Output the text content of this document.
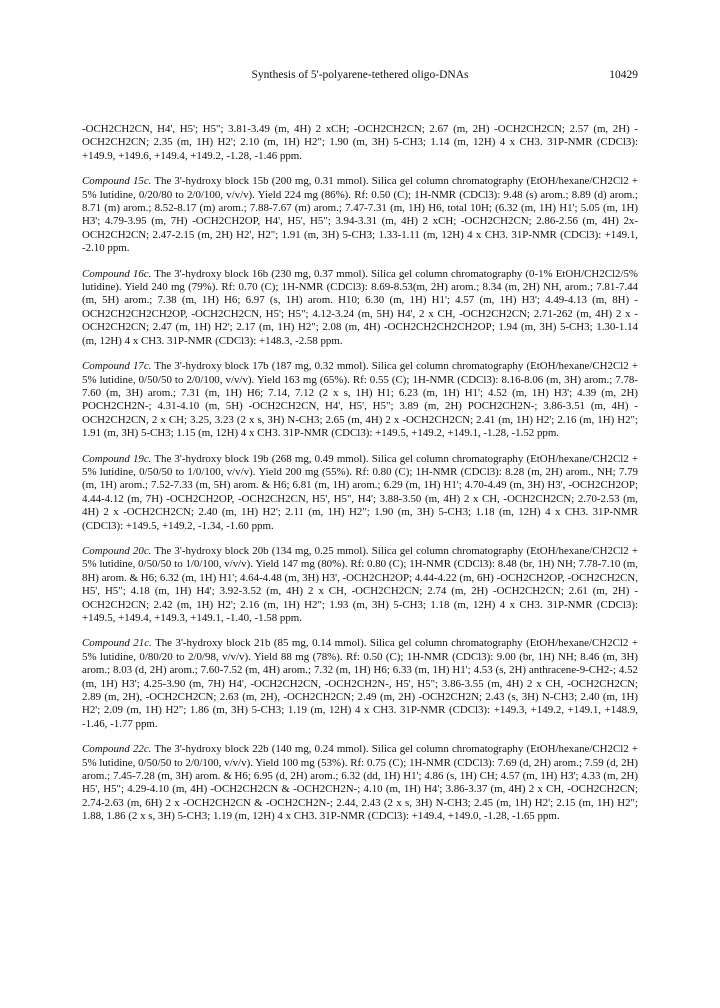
Synthesis of 5'-polyarene-tethered oligo-DNAs	10429

-OCH2CH2CN, H4', H5'; H5"; 3.81-3.49 (m, 4H) 2 xCH; -OCH2CH2CN; 2.67 (m, 2H) -OCH2CH2CN; 2.57 (m, 2H) -OCH2CH2CN; 2.35 (m, 1H) H2'; 2.10 (m, 1H) H2"; 1.90 (m, 3H) 5-CH3; 1.14 (m, 12H) 4 x CH3. 31P-NMR (CDCl3): +149.9, +149.6, +149.4, +149.2, -1.28, -1.46 ppm.

Compound 15c. The 3'-hydroxy block 15b (200 mg, 0.31 mmol). Silica gel column chromatography (EtOH/hexane/CH2Cl2 + 5% lutidine, 0/20/80 to 2/0/100, v/v/v). Yield 224 mg (86%). Rf: 0.50 (C); 1H-NMR (CDCl3): 9.48 (s) arom.; 8.89 (d) arom.; 8.71 (m) arom.; 8.52-8.17 (m) arom.; 7.88-7.67 (m) arom.; 7.47-7.31 (m, 1H) H6, total 10H; (6.32 (m, 1H) H1'; 5.05 (m, 1H) H3'; 4.79-3.95 (m, 7H) -OCH2CH2OP, H4', H5', H5"; 3.94-3.31 (m, 4H) 2 xCH; -OCH2CH2CN; 2.86-2.56 (m, 4H) 2x-OCH2CH2CN; 2.47-2.15 (m, 2H) H2', H2"; 1.91 (m, 3H) 5-CH3; 1.33-1.11 (m, 12H) 4 x CH3. 31P-NMR (CDCl3): +149.1, -2.10 ppm.

Compound 16c. The 3'-hydroxy block 16b (230 mg, 0.37 mmol). Silica gel column chromatography (0-1% EtOH/CH2Cl2/5% lutidine). Yield 240 mg (79%). Rf: 0.70 (C); 1H-NMR (CDCl3): 8.69-8.53(m, 2H) arom.; 8.34 (m, 2H) NH, arom.; 7.81-7.44 (m, 5H) arom.; 7.38 (m, 1H) H6; 6.97 (s, 1H) arom. H10; 6.30 (m, 1H) H1'; 4.57 (m, 1H) H3'; 4.49-4.13 (m, 8H) -OCH2CH2CH2CH2OP, -OCH2CH2CN, H5'; H5"; 4.12-3.24 (m, 5H) H4', 2 x CH, -OCH2CH2CN; 2.71-262 (m, 4H) 2 x -OCH2CH2CN; 2.47 (m, 1H) H2'; 2.17 (m, 1H) H2"; 2.08 (m, 4H) -OCH2CH2CH2CH2OP; 1.94 (m, 3H) 5-CH3; 1.30-1.14 (m, 12H) 4 x CH3. 31P-NMR (CDCl3): +148.3, -2.58 ppm.

Compound 17c. The 3'-hydroxy block 17b (187 mg, 0.32 mmol). Silica gel column chromatography (EtOH/hexane/CH2Cl2 + 5% lutidine, 0/50/50 to 2/0/100, v/v/v). Yield 163 mg (65%). Rf: 0.55 (C); 1H-NMR (CDCl3): 8.16-8.06 (m, 3H) arom.; 7.78-7.60 (m, 3H) arom.; 7.31 (m, 1H) H6; 7.14, 7.12 (2 x s, 1H) H1; 6.23 (m, 1H) H1'; 4.52 (m, 1H) H3'; 4.39 (m, 2H) POCH2CH2N-; 4.31-4.10 (m, 5H) -OCH2CH2CN, H4', H5', H5"; 3.89 (m, 2H) POCH2CH2N-; 3.86-3.51 (m, 4H) -OCH2CH2CN, 2 x CH; 3.25, 3.23 (2 x s, 3H) N-CH3; 2.65 (m, 4H) 2 x -OCH2CH2CN; 2.41 (m, 1H) H2'; 2.16 (m, 1H) H2"; 1.91 (m, 3H) 5-CH3; 1.15 (m, 12H) 4 x CH3. 31P-NMR (CDCl3): +149.5, +149.2, +149.1, -1.28, -1.52 ppm.

Compound 19c. The 3'-hydroxy block 19b (268 mg, 0.49 mmol). Silica gel column chromatography (EtOH/hexane/CH2Cl2 + 5% lutidine, 0/50/50 to 1/0/100, v/v/v). Yield 200 mg (55%). Rf: 0.80 (C); 1H-NMR (CDCl3): 8.28 (m, 2H) arom., NH; 7.79 (m, 1H) arom.; 7.52-7.33 (m, 5H) arom. & H6; 6.81 (m, 1H) arom.; 6.29 (m, 1H) H1'; 4.70-4.49 (m, 3H) H3', -OCH2CH2OP; 4.44-4.12 (m, 7H) -OCH2CH2OP, -OCH2CH2CN, H5', H5", H4'; 3.88-3.50 (m, 4H) 2 x CH, -OCH2CH2CN; 2.70-2.53 (m, 4H) 2 x -OCH2CH2CN; 2.40 (m, 1H) H2'; 2.11 (m, 1H) H2"; 1.90 (m, 3H) 5-CH3; 1.18 (m, 12H) 4 x CH3. 31P-NMR (CDCl3): +149.5, +149.2, -1.34, -1.60 ppm.

Compound 20c. The 3'-hydroxy block 20b (134 mg, 0.25 mmol). Silica gel column chromatography (EtOH/hexane/CH2Cl2 + 5% lutidine, 0/50/50 to 1/0/100, v/v/v). Yield 147 mg (80%). Rf: 0.80 (C); 1H-NMR (CDCl3): 8.48 (br, 1H) NH; 7.78-7.10 (m, 8H) arom. & H6; 6.32 (m, 1H) H1'; 4.64-4.48 (m, 3H) H3', -OCH2CH2OP; 4.44-4.22 (m, 6H) -OCH2CH2OP, -OCH2CH2CN, H5', H5"; 4.18 (m, 1H) H4'; 3.92-3.52 (m, 4H) 2 x CH, -OCH2CH2CN; 2.74 (m, 2H) -OCH2CH2CN; 2.61 (m, 2H) -OCH2CH2CN; 2.42 (m, 1H) H2'; 2.16 (m, 1H) H2"; 1.93 (m, 3H) 5-CH3; 1.18 (m, 12H) 4 x CH3. 31P-NMR (CDCl3): +149.5, +149.4, +149.3, +149.1, -1.40, -1.58 ppm.

Compound 21c. The 3'-hydroxy block 21b (85 mg, 0.14 mmol). Silica gel column chromatography (EtOH/hexane/CH2Cl2 + 5% lutidine, 0/80/20 to 2/0/98, v/v/v). Yield 88 mg (78%). Rf: 0.50 (C); 1H-NMR (CDCl3): 9.00 (br, 1H) NH; 8.46 (m, 3H) arom.; 8.03 (d, 2H) arom.; 7.60-7.52 (m, 4H) arom.; 7.32 (m, 1H) H6; 6.33 (m, 1H) H1'; 4.53 (s, 2H) anthracene-9-CH2-; 4.52 (m, 1H) H3'; 4.25-3.90 (m, 7H) H4', -OCH2CH2CN, -OCH2CH2N-, H5', H5"; 3.86-3.55 (m, 4H) 2 x CH, -OCH2CH2CN; 2.89 (m, 2H), -OCH2CH2CN; 2.63 (m, 2H), -OCH2CH2CN; 2.49 (m, 2H) -OCH2CH2N; 2.43 (s, 3H) N-CH3; 2.40 (m, 1H) H2'; 2.09 (m, 1H) H2"; 1.86 (m, 3H) 5-CH3; 1.19 (m, 12H) 4 x CH3. 31P-NMR (CDCl3): +149.3, +149.2, +149.1, +148.9, -1.46, -1.77 ppm.

Compound 22c. The 3'-hydroxy block 22b (140 mg, 0.24 mmol). Silica gel column chromatography (EtOH/hexane/CH2Cl2 + 5% lutidine, 0/50/50 to 2/0/100, v/v/v). Yield 100 mg (53%). Rf: 0.75 (C); 1H-NMR (CDCl3): 7.69 (d, 2H) arom.; 7.59 (d, 2H) arom.; 7.45-7.28 (m, 3H) arom. & H6; 6.95 (d, 2H) arom.; 6.32 (dd, 1H) H1'; 4.86 (s, 1H) CH; 4.57 (m, 1H) H3'; 4.33 (m, 2H) H5', H5"; 4.29-4.10 (m, 4H) -OCH2CH2CN & -OCH2CH2N-; 4.10 (m, 1H) H4'; 3.86-3.37 (m, 4H) 2 x CH, -OCH2CH2CN; 2.74-2.63 (m, 6H) 2 x -OCH2CH2CN & -OCH2CH2N-; 2.44, 2.43 (2 x s, 3H) N-CH3; 2.45 (m, 1H) H2'; 2.15 (m, 1H) H2"; 1.88, 1.86 (2 x s, 3H) 5-CH3; 1.19 (m, 12H) 4 x CH3. 31P-NMR (CDCl3): +149.4, +149.0, -1.28, -1.65 ppm.
